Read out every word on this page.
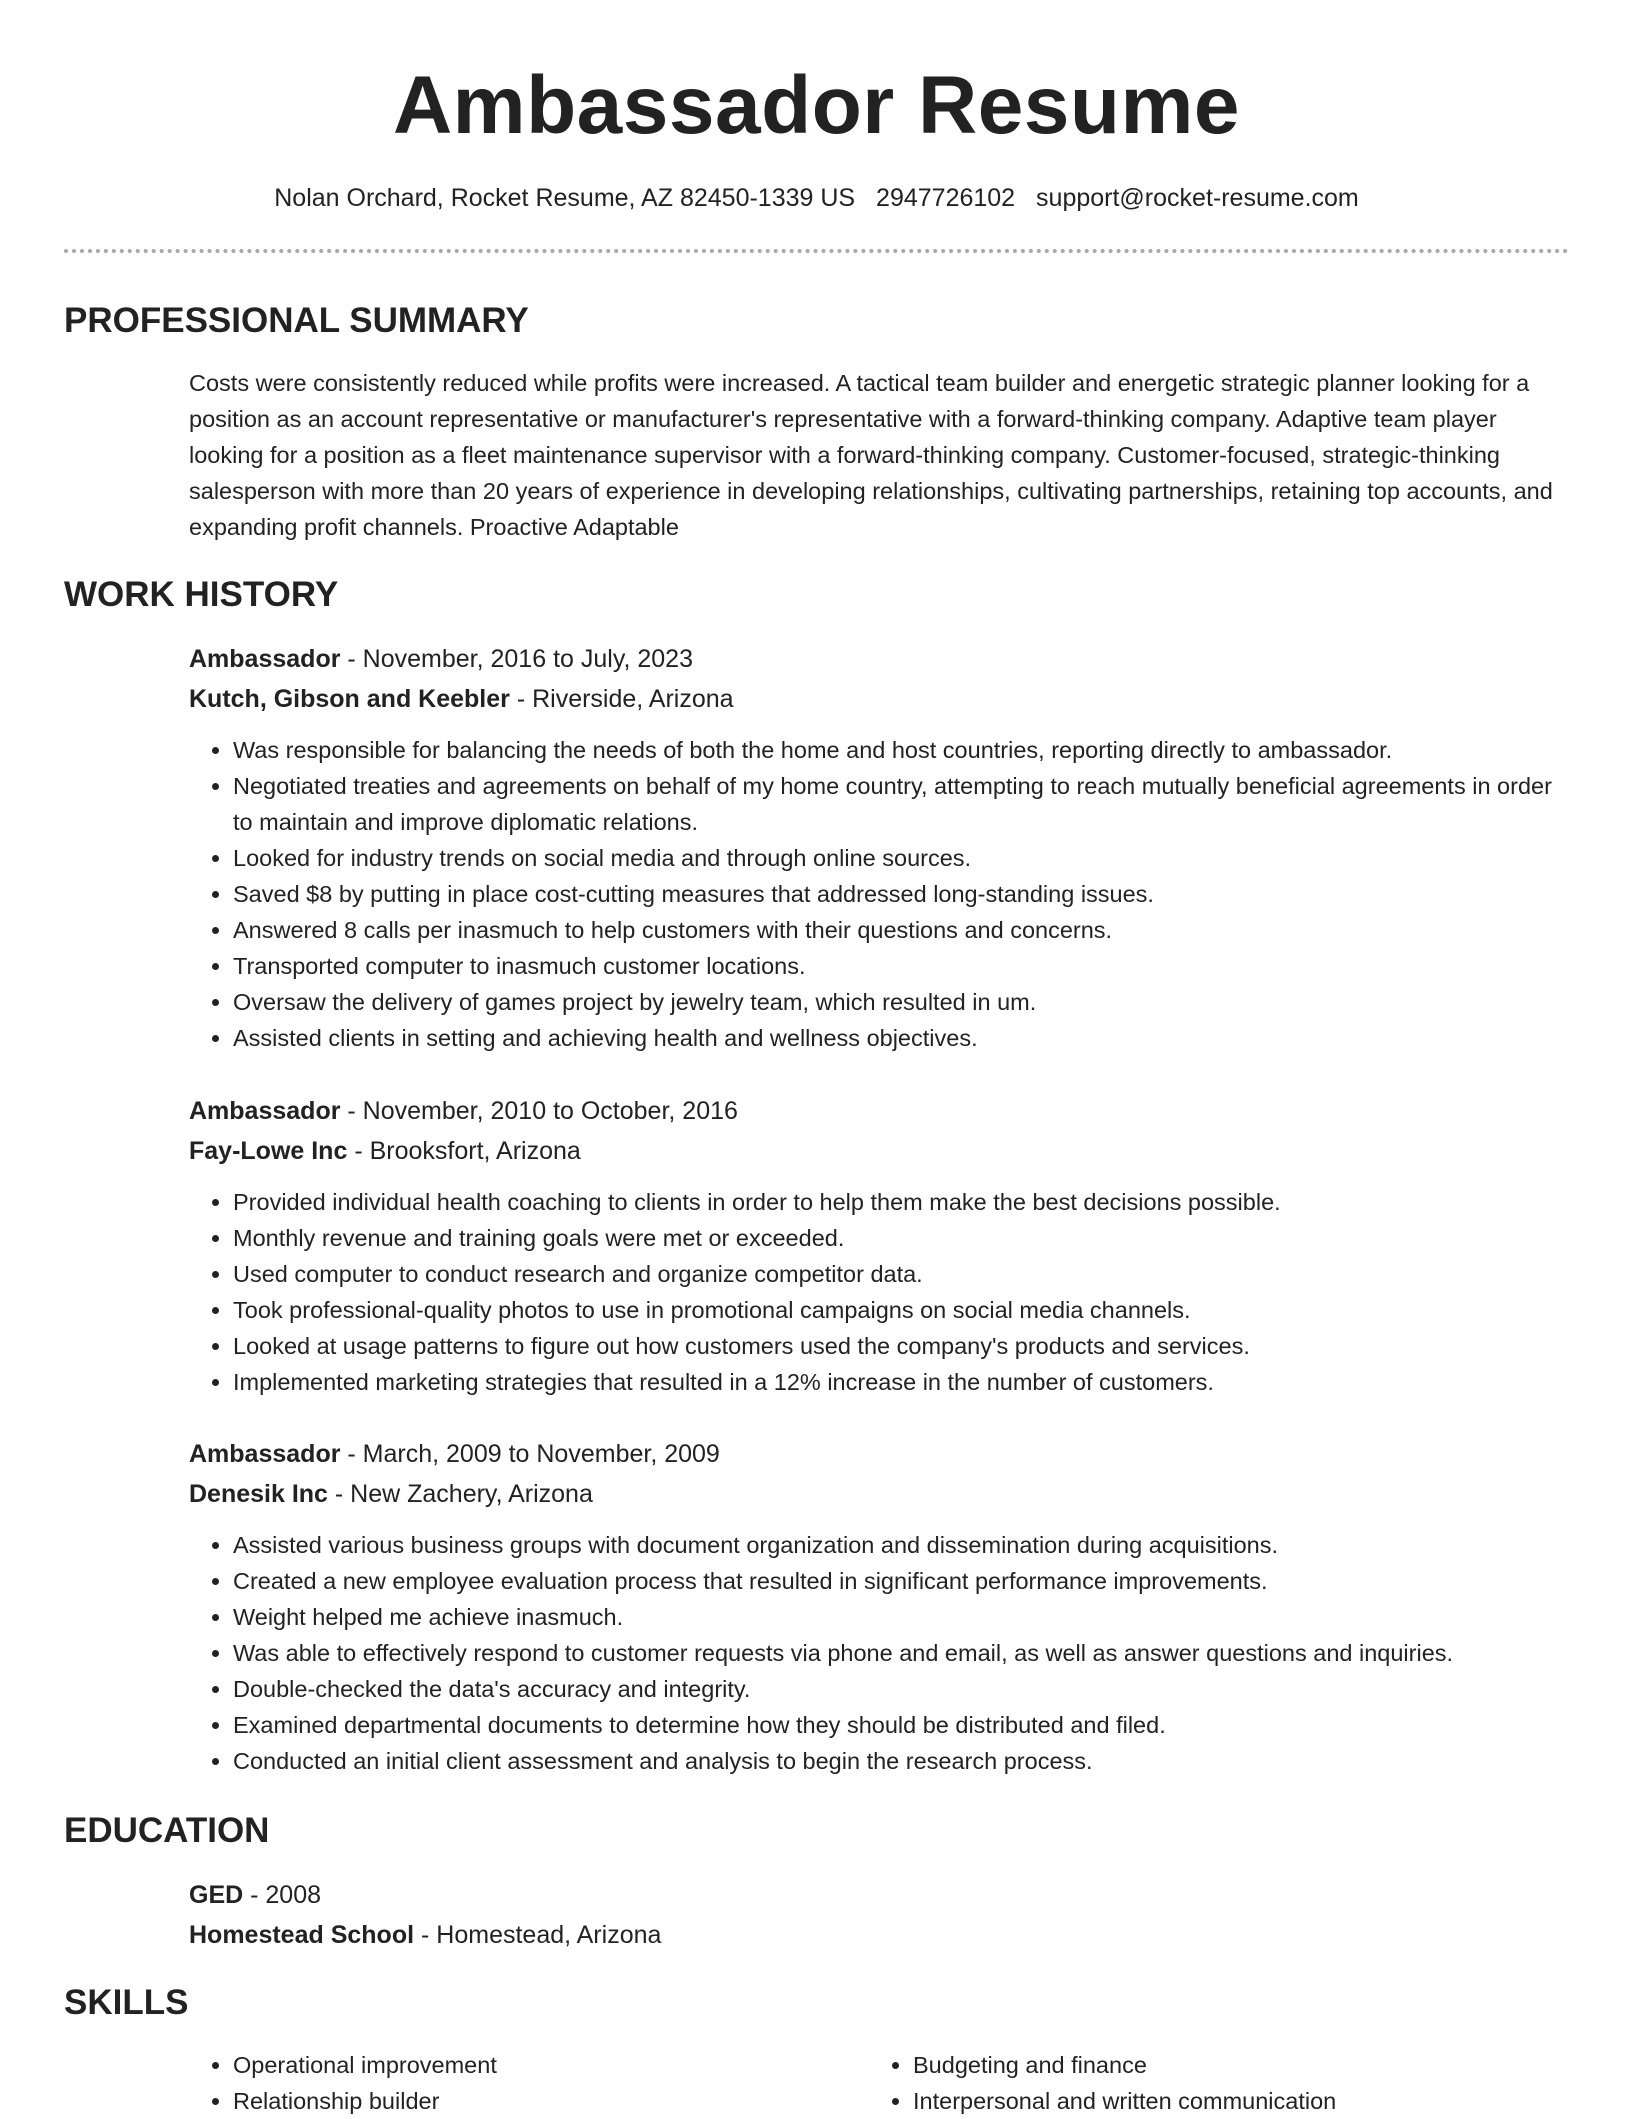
Ambassador Resume
Nolan Orchard, Rocket Resume, AZ 82450-1339 US 2947726102 support@rocket-resume.com
PROFESSIONAL SUMMARY

Costs were consistently reduced while profits were increased. A tactical team builder and energetic strategic planner looking for a position as an account representative or manufacturer's representative with a forward-thinking company. Adaptive team player looking for a position as a fleet maintenance supervisor with a forward-thinking company. Customer-focused, strategic-thinking salesperson with more than 20 years of experience in developing relationships, cultivating partnerships, retaining top accounts, and expanding profit channels. Proactive Adaptable

WORK HISTORY

Ambassador - November, 2016 to July, 2023

Kutch, Gibson and Keebler - Riverside, Arizona

• Was responsible for balancing the needs of both the home and host countries, reporting directly to ambassador.
• Negotiated treaties and agreements on behalf of my home country, attempting to reach mutually beneficial agreements in order to maintain and improve diplomatic relations.
• Looked for industry trends on social media and through online sources.
• Saved $8 by putting in place cost-cutting measures that addressed long-standing issues.
• Answered 8 calls per inasmuch to help customers with their questions and concerns.
• Transported computer to inasmuch customer locations.
• Oversaw the delivery of games project by jewelry team, which resulted in um.
• Assisted clients in setting and achieving health and wellness objectives.

Ambassador - November, 2010 to October, 2016

Fay-Lowe Inc - Brooksfort, Arizona

• Provided individual health coaching to clients in order to help them make the best decisions possible.
• Monthly revenue and training goals were met or exceeded.
• Used computer to conduct research and organize competitor data.
• Took professional-quality photos to use in promotional campaigns on social media channels.
• Looked at usage patterns to figure out how customers used the company's products and services.
• Implemented marketing strategies that resulted in a 12% increase in the number of customers.

Ambassador - March, 2009 to November, 2009

Denesik Inc - New Zachery, Arizona

• Assisted various business groups with document organization and dissemination during acquisitions.
• Created a new employee evaluation process that resulted in significant performance improvements.
• Weight helped me achieve inasmuch.
• Was able to effectively respond to customer requests via phone and email, as well as answer questions and inquiries.
• Double-checked the data's accuracy and integrity.
• Examined departmental documents to determine how they should be distributed and filed.
• Conducted an initial client assessment and analysis to begin the research process.
EDUCATION

GED - 2008

Homestead School - Homestead, Arizona

SKILLS
• Operational improvement
• Relationship builder
• Budgeting and finance
• Interpersonal and written communication
